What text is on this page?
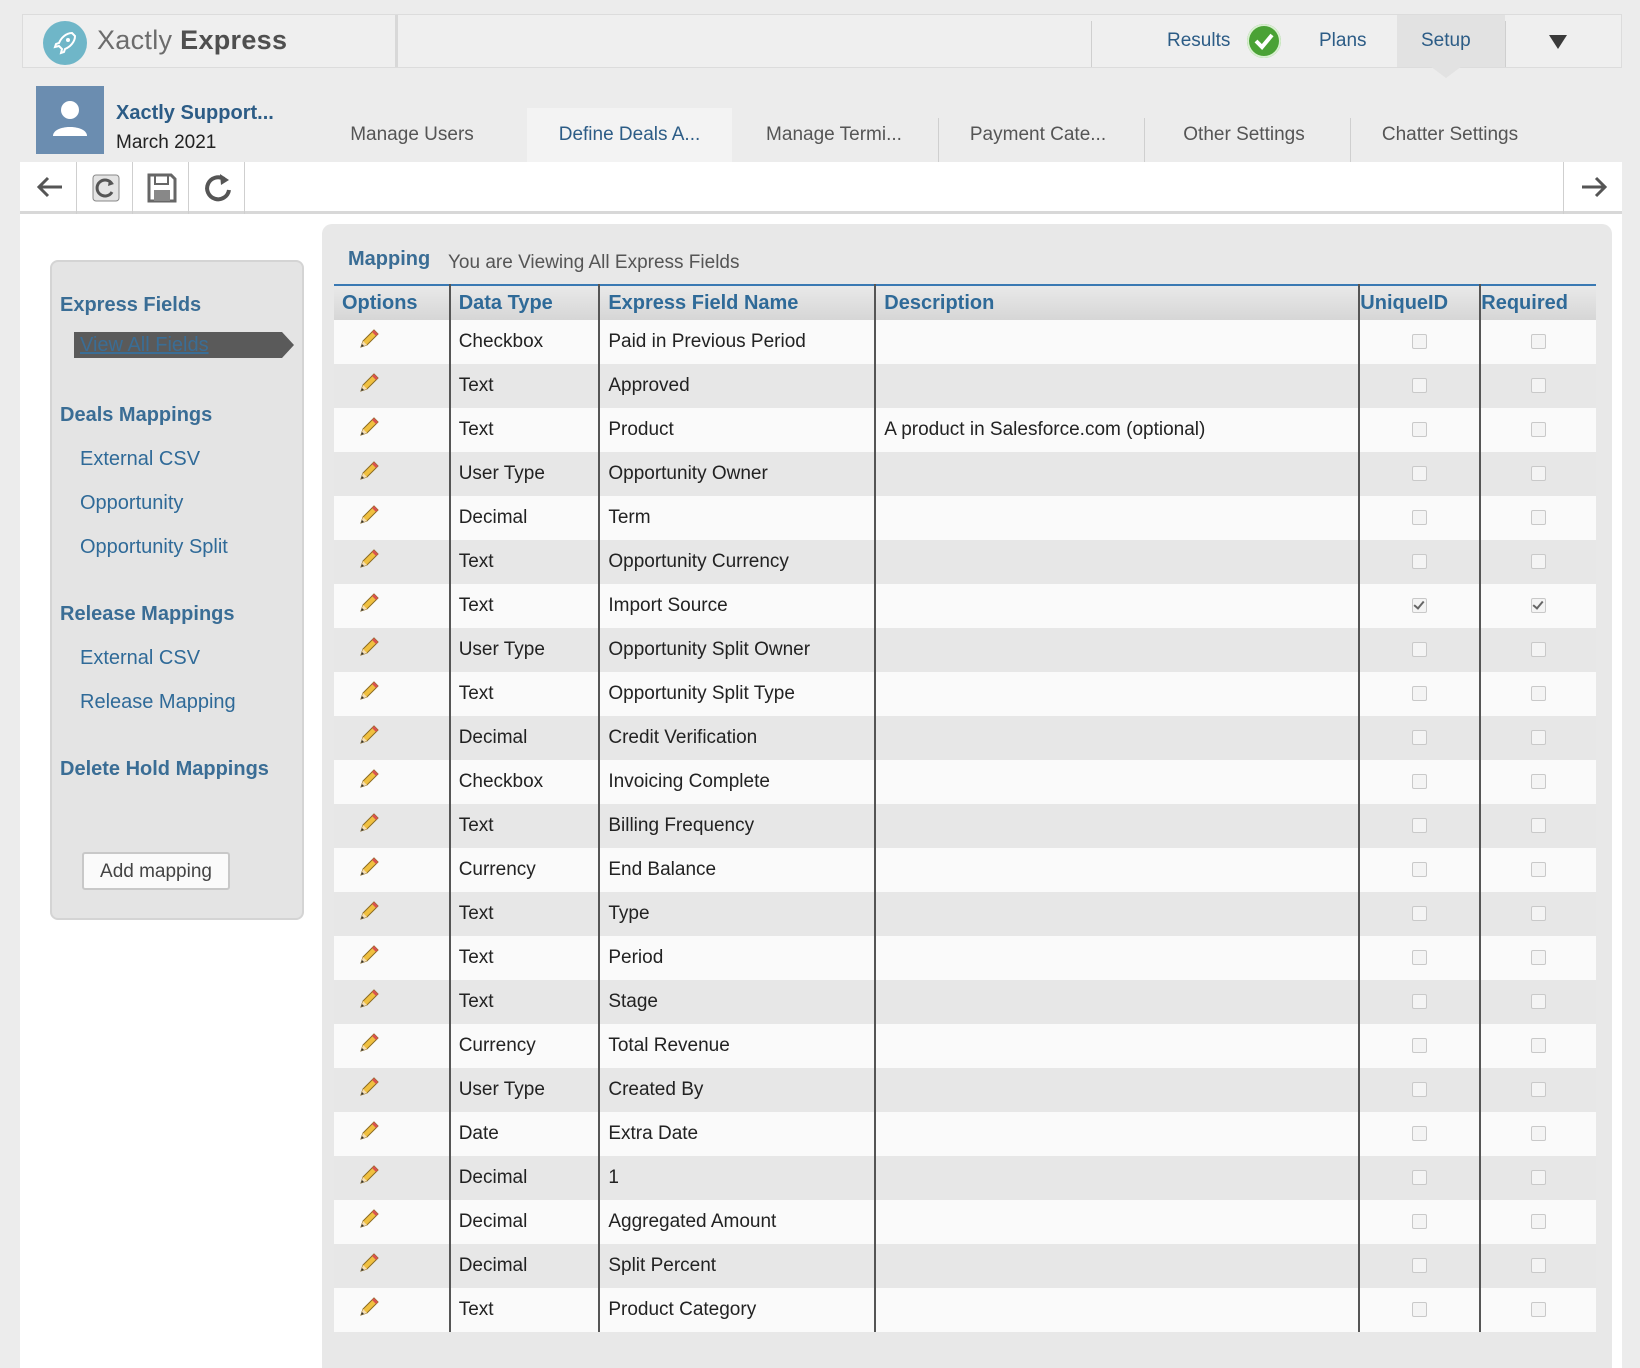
Xactly Express	Results	Plans	Setup
Xactly Support...
March 2021	Manage Users	Define Deals A...	Manage Termi...	Payment Cate...	Other Settings	Chatter Settings
Express Fields
View All Fields
Deals Mappings
External CSV
Opportunity
Opportunity Split
Release Mappings
External CSV
Release Mapping
Delete Hold Mappings
Add mapping
Mapping You are Viewing All Express Fields
Options	Data Type	Express Field Name	Description	UniqueID	Required
	Checkbox	Paid in Previous Period			
	Text	Approved			
	Text	Product	A product in Salesforce.com (optional)		
	User Type	Opportunity Owner			
	Decimal	Term			
	Text	Opportunity Currency			
	Text	Import Source			
	User Type	Opportunity Split Owner			
	Text	Opportunity Split Type			
	Decimal	Credit Verification			
	Checkbox	Invoicing Complete			
	Text	Billing Frequency			
	Currency	End Balance			
	Text	Type			
	Text	Period			
	Text	Stage			
	Currency	Total Revenue			
	User Type	Created By			
	Date	Extra Date			
	Decimal	1			
	Decimal	Aggregated Amount			
	Decimal	Split Percent			
	Text	Product Category			
